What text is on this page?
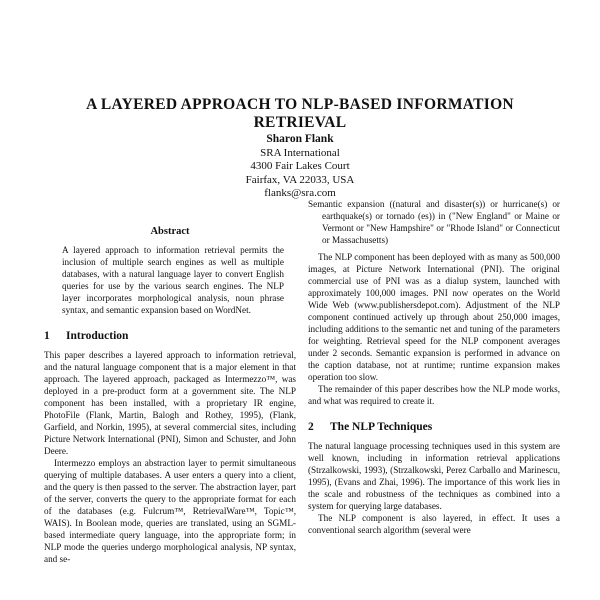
A LAYERED APPROACH TO NLP-BASED INFORMATION
RETRIEVAL
Sharon Flank
SRA International
4300 Fair Lakes Court
Fairfax, VA 22033, USA
flanks@sra.com
Abstract

A layered approach to information retrieval permits the inclusion of multiple search engines as well as multiple databases, with a natural language layer to convert English queries for use by the various search engines. The NLP layer incorporates morphological analysis, noun phrase syntax, and semantic expansion based on WordNet.

1 Introduction

This paper describes a layered approach to information retrieval, and the natural language component that is a major element in that approach. The layered approach, packaged as Intermezzo™, was deployed in a pre-product form at a government site. The NLP component has been installed, with a proprietary IR engine, PhotoFile (Flank, Martin, Balogh and Rothey, 1995), (Flank, Garfield, and Norkin, 1995), at several commercial sites, including Picture Network International (PNI), Simon and Schuster, and John Deere.

Intermezzo employs an abstraction layer to permit simultaneous querying of multiple databases. A user enters a query into a client, and the query is then passed to the server. The abstraction layer, part of the server, converts the query to the appropriate format for each of the databases (e.g. Fulcrum™, RetrievalWare™, Topic™, WAIS). In Boolean mode, queries are translated, using an SGML-based intermediate query language, into the appropriate form; in NLP mode the queries undergo morphological analysis, NP syntax, and se-

Semantic expansion ((natural and disaster(s)) or hurricane(s) or earthquake(s) or tornado (es)) in ("New England" or Maine or Vermont or "New Hampshire" or "Rhode Island" or Connecticut or Massachusetts)

The NLP component has been deployed with as many as 500,000 images, at Picture Network International (PNI). The original commercial use of PNI was as a dialup system, launched with approximately 100,000 images. PNI now operates on the World Wide Web (www.publishersdepot.com). Adjustment of the NLP component continued actively up through about 250,000 images, including additions to the semantic net and tuning of the parameters for weighting. Retrieval speed for the NLP component averages under 2 seconds. Semantic expansion is performed in advance on the caption database, not at runtime; runtime expansion makes operation too slow.

The remainder of this paper describes how the NLP mode works, and what was required to create it.

2 The NLP Techniques

The natural language processing techniques used in this system are well known, including in information retrieval applications (Strzalkowski, 1993), (Strzalkowski, Perez Carballo and Marinescu, 1995), (Evans and Zhai, 1996). The importance of this work lies in the scale and robustness of the techniques as combined into a system for querying large databases.

The NLP component is also layered, in effect. It uses a conventional search algorithm (several were
